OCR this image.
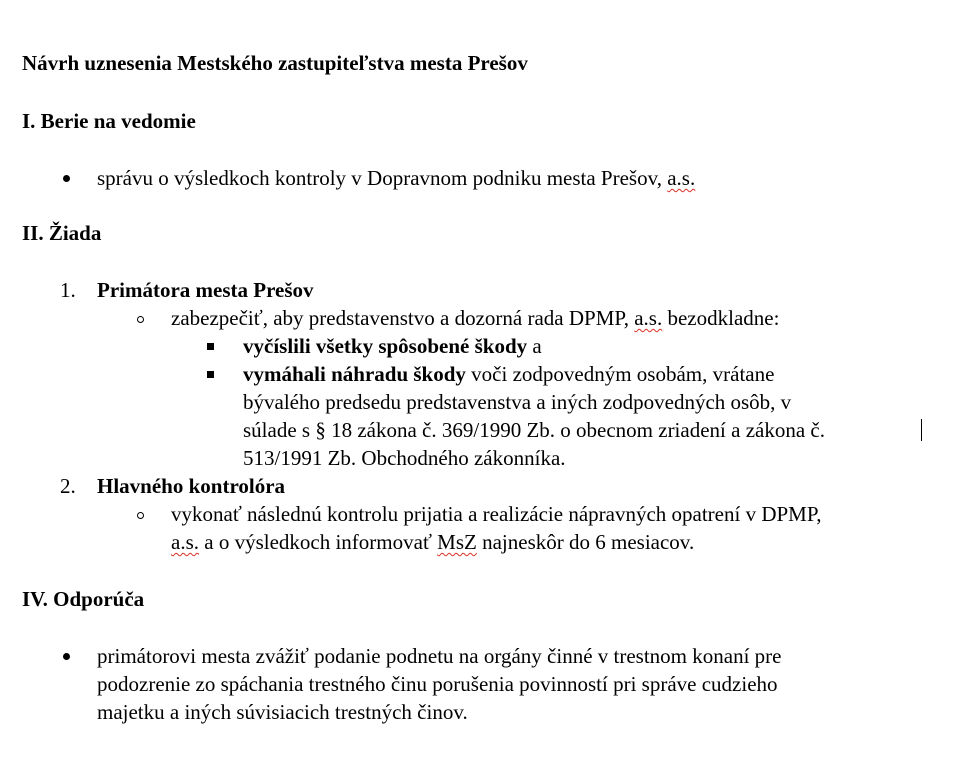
Návrh uznesenia Mestského zastupiteľstva mesta Prešov
I. Berie na vedomie
správu o výsledkoch kontroly v Dopravnom podniku mesta Prešov, a.s.
II. Žiada
1. Primátora mesta Prešov
zabezpečiť, aby predstavenstvo a dozorná rada DPMP, a.s. bezodkladne:
vyčíslili všetky spôsobené škody a
vymáhali náhradu škody voči zodpovedným osobám, vrátane
bývalého predsedu predstavenstva a iných zodpovedných osôb, v
súlade s § 18 zákona č. 369/1990 Zb. o obecnom zriadení a zákona č.
513/1991 Zb. Obchodného zákonníka.
2. Hlavného kontrolóra
vykonať následnú kontrolu prijatia a realizácie nápravných opatrení v DPMP,
a.s. a o výsledkoch informovať MsZ najneskôr do 6 mesiacov.
IV. Odporúča
primátorovi mesta zvážiť podanie podnetu na orgány činné v trestnom konaní pre
podozrenie zo spáchania trestného činu porušenia povinností pri správe cudzieho
majetku a iných súvisiacich trestných činov.
